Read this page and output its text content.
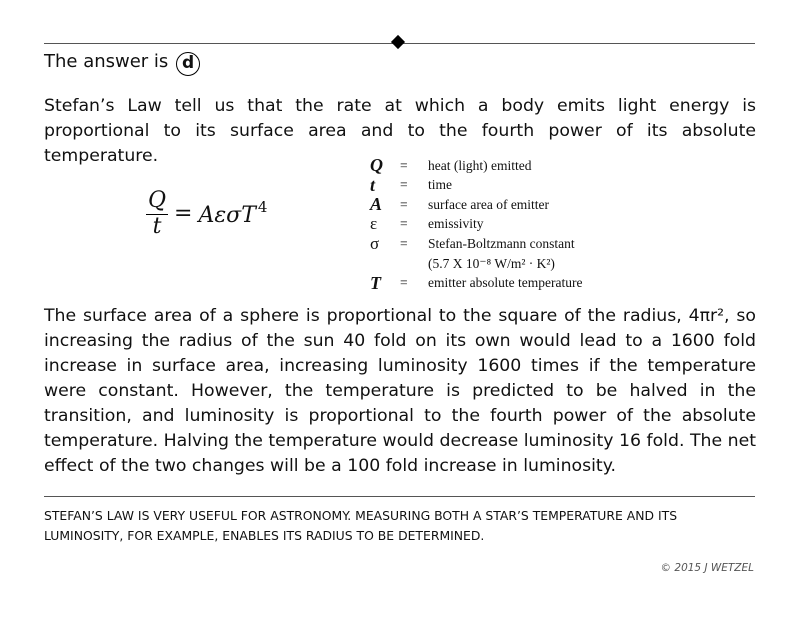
The answer is d

Stefan’s Law tell us that the rate at which a body emits light energy is proportional to its surface area and to the fourth power of its absolute temperature.

$\frac{Q}{t} = A\varepsilon\sigma T$ $^4$
Q	=	heat (light) emitted
t	=	time
A	=	surface area of emitter
ε	=	emissivity
σ	=	Stefan-Boltzmann constant
(5.7 X 10⁻⁸ W/m² · K²)
T	=	emitter absolute temperature

The surface area of a sphere is proportional to the square of the radius, 4πr², so increasing the radius of the sun 40 fold on its own would lead to a 1600 fold increase in surface area, increasing luminosity 1600 times if the temperature were constant. However, the temperature is predicted to be halved in the transition, and luminosity is proportional to the fourth power of the absolute temperature. Halving the temperature would decrease luminosity 16 fold. The net effect of the two changes will be a 100 fold increase in luminosity.

STEFAN’S LAW IS VERY USEFUL FOR ASTRONOMY. MEASURING BOTH A STAR’S TEMPERATURE AND ITS LUMINOSITY, FOR EXAMPLE, ENABLES ITS RADIUS TO BE DETERMINED.

© 2015 J WETZEL
